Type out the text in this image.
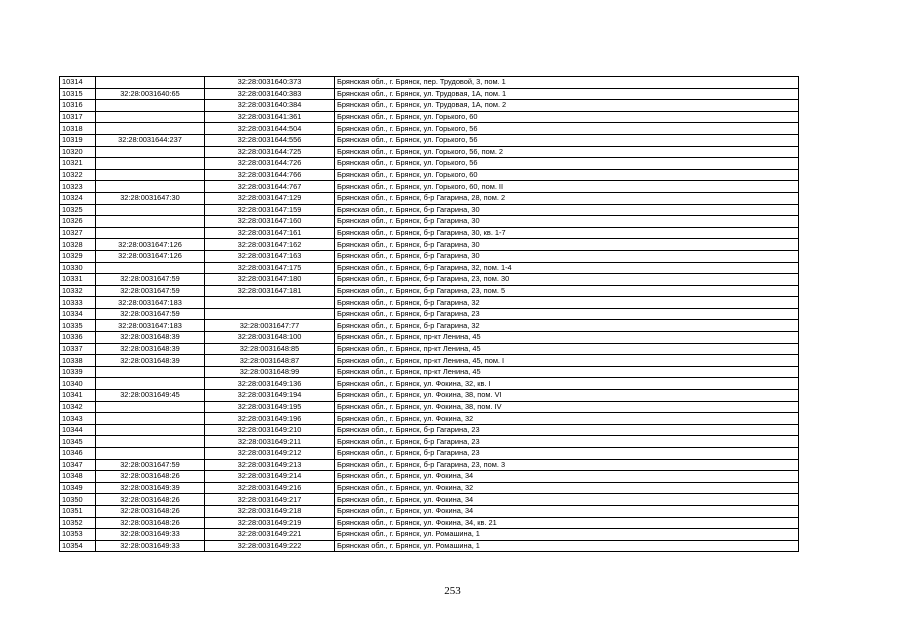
10314		32:28:0031640:373	Брянская обл., г. Брянск, пер. Трудовой, 3, пом. 1
10315	32:28:0031640:65	32:28:0031640:383	Брянская обл., г. Брянск, ул. Трудовая, 1А, пом. 1
10316		32:28:0031640:384	Брянская обл., г. Брянск, ул. Трудовая, 1А, пом. 2
10317		32:28:0031641:361	Брянская обл., г. Брянск, ул. Горького, 60
10318		32:28:0031644:504	Брянская обл., г. Брянск, ул. Горького, 56
10319	32:28:0031644:237	32:28:0031644:556	Брянская обл., г. Брянск, ул. Горького, 56
10320		32:28:0031644:725	Брянская обл., г. Брянск, ул. Горького, 56, пом. 2
10321		32:28:0031644:726	Брянская обл., г. Брянск, ул. Горького, 56
10322		32:28:0031644:766	Брянская обл., г. Брянск, ул. Горького, 60
10323		32:28:0031644:767	Брянская обл., г. Брянск, ул. Горького, 60, пом. II
10324	32:28:0031647:30	32:28:0031647:129	Брянская обл., г. Брянск, б-р Гагарина, 28, пом. 2
10325		32:28:0031647:159	Брянская обл., г. Брянск, б-р Гагарина, 30
10326		32:28:0031647:160	Брянская обл., г. Брянск, б-р Гагарина, 30
10327		32:28:0031647:161	Брянская обл., г. Брянск, б-р Гагарина, 30, кв. 1-7
10328	32:28:0031647:126	32:28:0031647:162	Брянская обл., г. Брянск, б-р Гагарина, 30
10329	32:28:0031647:126	32:28:0031647:163	Брянская обл., г. Брянск, б-р Гагарина, 30
10330		32:28:0031647:175	Брянская обл., г. Брянск, б-р Гагарина, 32, пом. 1-4
10331	32:28:0031647:59	32:28:0031647:180	Брянская обл., г. Брянск, б-р Гагарина, 23, пом. 30
10332	32:28:0031647:59	32:28:0031647:181	Брянская обл., г. Брянск, б-р Гагарина, 23, пом. 5
10333	32:28:0031647:183		Брянская обл., г. Брянск, б-р Гагарина, 32
10334	32:28:0031647:59		Брянская обл., г. Брянск, б-р Гагарина, 23
10335	32:28:0031647:183	32:28:0031647:77	Брянская обл., г. Брянск, б-р Гагарина, 32
10336	32:28:0031648:39	32:28:0031648:100	Брянская обл., г. Брянск, пр-кт Ленина, 45
10337	32:28:0031648:39	32:28:0031648:85	Брянская обл., г. Брянск, пр-кт Ленина, 45
10338	32:28:0031648:39	32:28:0031648:87	Брянская обл., г. Брянск, пр-кт Ленина, 45, пом. I
10339		32:28:0031648:99	Брянская обл., г. Брянск, пр-кт Ленина, 45
10340		32:28:0031649:136	Брянская обл., г. Брянск, ул. Фокина, 32, кв. I
10341	32:28:0031649:45	32:28:0031649:194	Брянская обл., г. Брянск, ул. Фокина, 38, пом. VI
10342		32:28:0031649:195	Брянская обл., г. Брянск, ул. Фокина, 38, пом. IV
10343		32:28:0031649:196	Брянская обл., г. Брянск, ул. Фокина, 32
10344		32:28:0031649:210	Брянская обл., г. Брянск, б-р Гагарина, 23
10345		32:28:0031649:211	Брянская обл., г. Брянск, б-р Гагарина, 23
10346		32:28:0031649:212	Брянская обл., г. Брянск, б-р Гагарина, 23
10347	32:28:0031647:59	32:28:0031649:213	Брянская обл., г. Брянск, б-р Гагарина, 23, пом. 3
10348	32:28:0031648:26	32:28:0031649:214	Брянская обл., г. Брянск, ул. Фокина, 34
10349	32:28:0031649:39	32:28:0031649:216	Брянская обл., г. Брянск, ул. Фокина, 32
10350	32:28:0031648:26	32:28:0031649:217	Брянская обл., г. Брянск, ул. Фокина, 34
10351	32:28:0031648:26	32:28:0031649:218	Брянская обл., г. Брянск, ул. Фокина, 34
10352	32:28:0031648:26	32:28:0031649:219	Брянская обл., г. Брянск, ул. Фокина, 34, кв. 21
10353	32:28:0031649:33	32:28:0031649:221	Брянская обл., г. Брянск, ул. Ромашина, 1
10354	32:28:0031649:33	32:28:0031649:222	Брянская обл., г. Брянск, ул. Ромашина, 1
253
